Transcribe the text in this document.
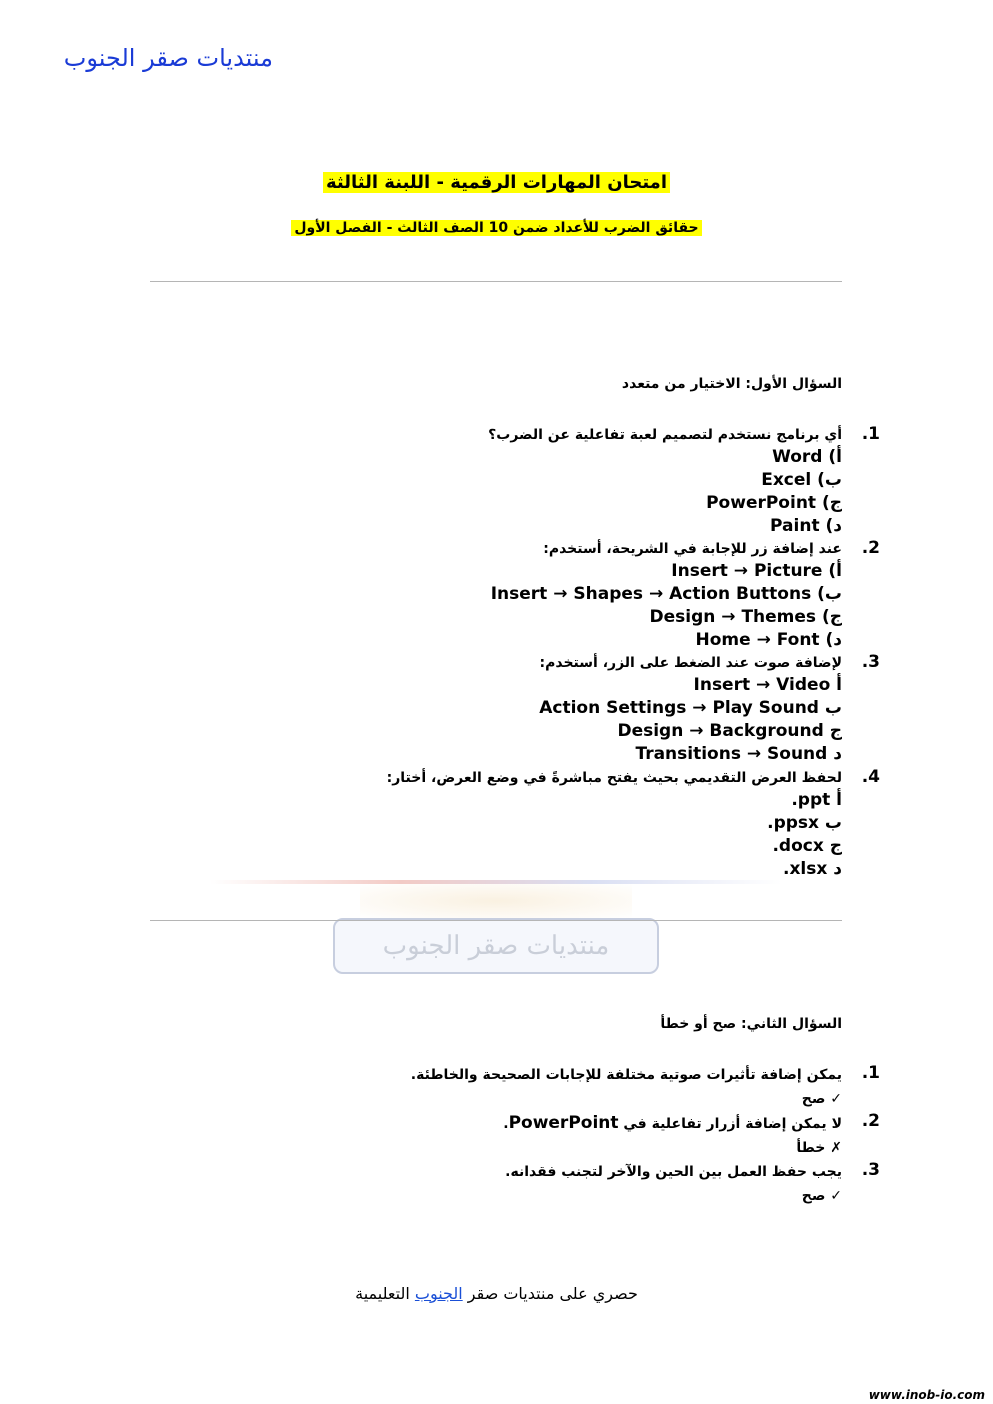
منتديات صقر الجنوب
امتحان المهارات الرقمية - اللبنة الثالثة
حقائق الضرب للأعداد ضمن 10 الصف الثالث - الفصل الأول
السؤال الأول: الاختيار من متعدد
.1
أي برنامج نستخدم لتصميم لعبة تفاعلية عن الضرب؟
أ) Word
ب) Excel
ج) PowerPoint
د) Paint
.2
عند إضافة زر للإجابة في الشريحة، أستخدم:
أ) Insert → Picture
ب) Insert → Shapes → Action Buttons
ج) Design → Themes
د) Home → Font
.3
لإضافة صوت عند الضغط على الزر، أستخدم:
أ Insert → Video
ب Action Settings → Play Sound
ج Design → Background
د Transitions → Sound
.4
لحفظ العرض التقديمي بحيث يفتح مباشرةً في وضع العرض، أختار:
أ ppt.
ب ppsx.
ج docx.
د xlsx.
منتديات صقر الجنوب
السؤال الثاني: صح أو خطأ
.1
يمكن إضافة تأثيرات صوتية مختلفة للإجابات الصحيحة والخاطئة.
✓ صح
.2
لا يمكن إضافة أزرار تفاعلية في PowerPoint.
✗ خطأ
.3
يجب حفظ العمل بين الحين والآخر لتجنب فقدانه.
✓ صح
حصري على منتديات صقر الجنوب التعليمية
www.inob-io.com
